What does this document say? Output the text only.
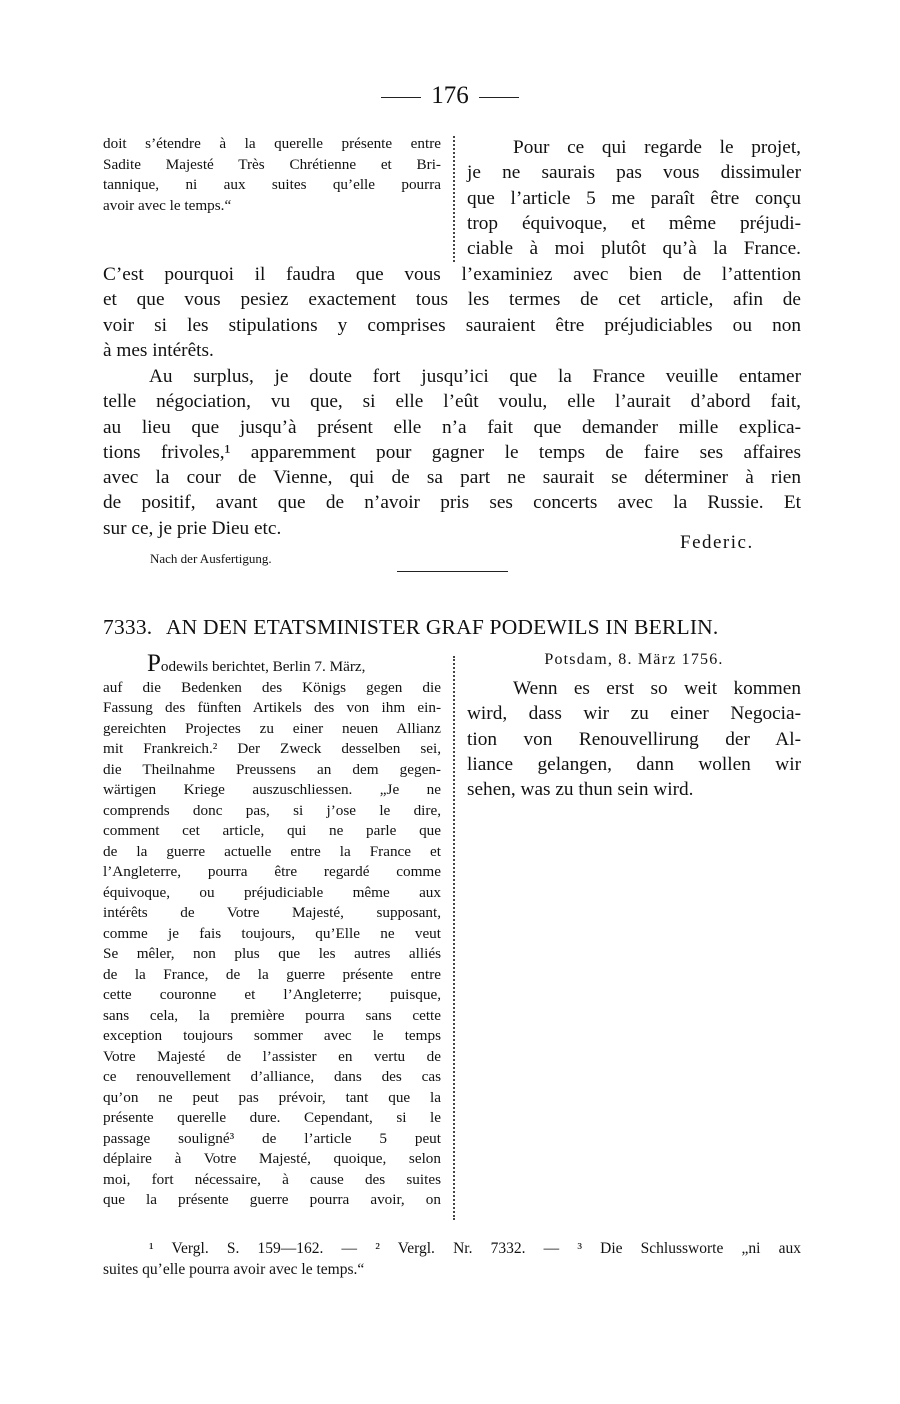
176
doit s’étendre à la querelle présente entre
Sadite Majesté Très Chrétienne et Bri-
tannique, ni aux suites qu’elle pourra
avoir avec le temps.“
Pour ce qui regarde le projet,
je ne saurais pas vous dissimuler
que l’article 5 me paraît être conçu
trop équivoque, et même préjudi-
ciable à moi plutôt qu’à la France.
C’est pourquoi il faudra que vous l’examiniez avec bien de l’attention
et que vous pesiez exactement tous les termes de cet article, afin de
voir si les stipulations y comprises sauraient être préjudiciables ou non
à mes intérêts.
Au surplus, je doute fort jusqu’ici que la France veuille entamer
telle négociation, vu que, si elle l’eût voulu, elle l’aurait d’abord fait,
au lieu que jusqu’à présent elle n’a fait que demander mille explica-
tions frivoles,¹ apparemment pour gagner le temps de faire ses affaires
avec la cour de Vienne, qui de sa part ne saurait se déterminer à rien
de positif, avant que de n’avoir pris ses concerts avec la Russie. Et
sur ce, je prie Dieu etc.
Federic.
Nach der Ausfertigung.
7333. AN DEN ETATSMINISTER GRAF PODEWILS IN BERLIN.
Podewils berichtet, Berlin 7. März,
auf die Bedenken des Königs gegen die
Fassung des fünften Artikels des von ihm ein-
gereichten Projectes zu einer neuen Allianz
mit Frankreich.² Der Zweck desselben sei,
die Theilnahme Preussens an dem gegen-
wärtigen Kriege auszuschliessen. „Je ne
comprends donc pas, si j’ose le dire,
comment cet article, qui ne parle que
de la guerre actuelle entre la France et
l’Angleterre, pourra être regardé comme
équivoque, ou préjudiciable même aux
intérêts de Votre Majesté, supposant,
comme je fais toujours, qu’Elle ne veut
Se mêler, non plus que les autres alliés
de la France, de la guerre présente entre
cette couronne et l’Angleterre; puisque,
sans cela, la première pourra sans cette
exception toujours sommer avec le temps
Votre Majesté de l’assister en vertu de
ce renouvellement d’alliance, dans des cas
qu’on ne peut pas prévoir, tant que la
présente querelle dure. Cependant, si le
passage souligné³ de l’article 5 peut
déplaire à Votre Majesté, quoique, selon
moi, fort nécessaire, à cause des suites
que la présente guerre pourra avoir, on
Potsdam, 8. März 1756.
Wenn es erst so weit kommen
wird, dass wir zu einer Negocia-
tion von Renouvellirung der Al-
liance gelangen, dann wollen wir
sehen, was zu thun sein wird.
¹ Vergl. S. 159—162. — ² Vergl. Nr. 7332. — ³ Die Schlussworte „ni aux
suites qu’elle pourra avoir avec le temps.“
